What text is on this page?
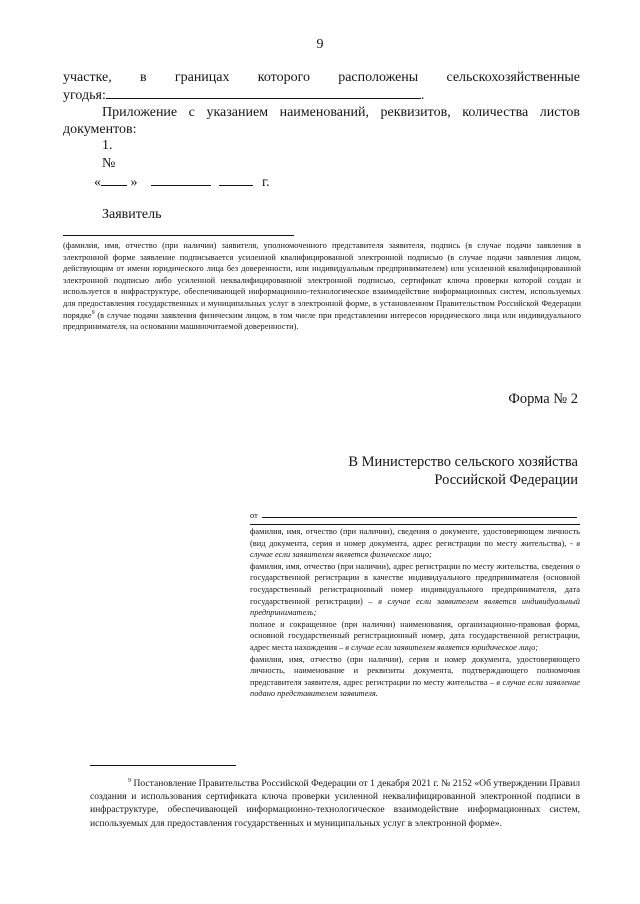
9
участке, в границах которого расположены сельскохозяйственные
угодья:	.
Приложение с указанием наименований, реквизитов, количества листов
документов:
1.
№
« »	г.
Заявитель

(фамилия, имя, отчество (при наличии) заявителя, уполномоченного представителя заявителя, подпись (в случае подачи заявления в электронной форме заявление подписывается усиленной квалифицированной электронной подписью (в случае подачи заявления лицом, действующим от имени юридического лица без доверенности, или индивидуальным предпринимателем) или усиленной квалифицированной электронной подписью либо усиленной неквалифицированной электронной подписью, сертификат ключа проверки которой создан и используется в инфраструктуре, обеспечивающей информационно-технологическое взаимодействие информационных систем, используемых для предоставления государственных и муниципальных услуг в электронной форме, в установленном Правительством Российской Федерации порядке$^9$ (в случае подачи заявления физическим лицом, в том числе при представлении интересов юридического лица или индивидуального предпринимателя, на основании машиночитаемой доверенности).

Форма № 2
В Министерство сельского хозяйства
Российской Федерации
от

фамилия, имя, отчество (при наличии), сведения о документе, удостоверяющем личность (вид документа, серия и номер документа, адрес регистрации по месту жительства), - в случае если заявителем является физическое лицо;

фамилия, имя, отчество (при наличии), адрес регистрации по месту жительства, сведения о государственной регистрации в качестве индивидуального предпринимателя (основной государственный регистрационный номер индивидуального предпринимателя, дата государственной регистрации) – в случае если заявителем является индивидуальный предприниматель;

полное и сокращенное (при наличии) наименования, организационно-правовая форма, основной государственный регистрационный номер, дата государственной регистрации, адрес места нахождения – в случае если заявителем является юридическое лицо;

фамилия, имя, отчество (при наличии), серия и номер документа, удостоверяющего личность, наименование и реквизиты документа, подтверждающего полномочия представителя заявителя, адрес регистрации по месту жительства – в случае если заявление подано представителем заявителя.

$^9$ Постановление Правительства Российской Федерации от 1 декабря 2021 г. № 2152 «Об утверждении Правил создания и использования сертификата ключа проверки усиленной неквалифицированной электронной подписи в инфраструктуре, обеспечивающей информационно-технологическое взаимодействие информационных систем, используемых для предоставления государственных и муниципальных услуг в электронной форме».
